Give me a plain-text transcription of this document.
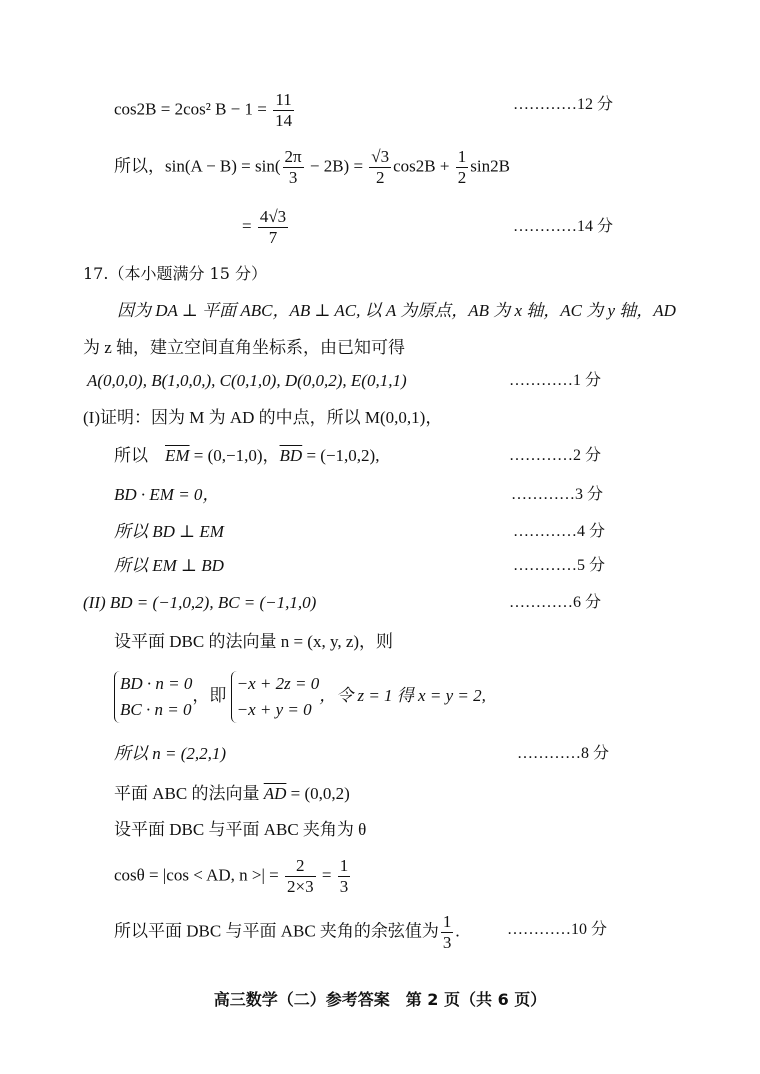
cos2B = 2cos² $B - 1 = \frac{11}{14}$	…………12 分
所以，$\sin(A - B) = \sin( \frac{2\pi}{3} - 2B) = \frac{√3}{2} \cos 2B + \frac{1}{2} \sin 2B$
= $\frac{4√3}{7}$	…………14 分
17.（本小题满分 15 分）
因为 DA ⊥ 平面 ABC，AB ⊥ AC, 以 A 为原点，AB 为 x 轴，AC 为 y 轴，AD
为 z 轴，建立空间直角坐标系，由已知可得
A(0,0,0), B(1,0,0,), C(0,1,0), D(0,0,2), E(0,1,1)	…………1 分
(I)证明：因为 M 为 AD 的中点，所以 M(0,0,1)，
所以 $\overline{EM} = (0,-1,0)$，$\overline{BD} = (-1,0,2)$,	…………2 分
BD · EM = 0，	…………3 分
所以 BD ⊥ EM	…………4 分
所以 EM ⊥ BD	…………5 分
(II) BD = (−1,0,2), BC = (−1,1,0)	…………6 分
设平面 DBC 的法向量 n = (x, y, z)，则
BD · n = 0
BC · n = 0
，即
−x + 2z = 0
−x + y = 0
，令 z = 1 得 x = y = 2,
所以 n = (2,2,1)	…………8 分
平面 ABC 的法向量 $\overline{AD} = (0,0,2)$
设平面 DBC 与平面 ABC 夹角为 θ
cosθ = |cos < AD, n >| = $\frac{2}{2\times 3} = \frac{1}{3}$
所以平面 DBC 与平面 ABC 夹角的余弦值为 $\frac{1}{3}$ .	…………10 分
高三数学（二）参考答案　第 2 页（共 6 页）
